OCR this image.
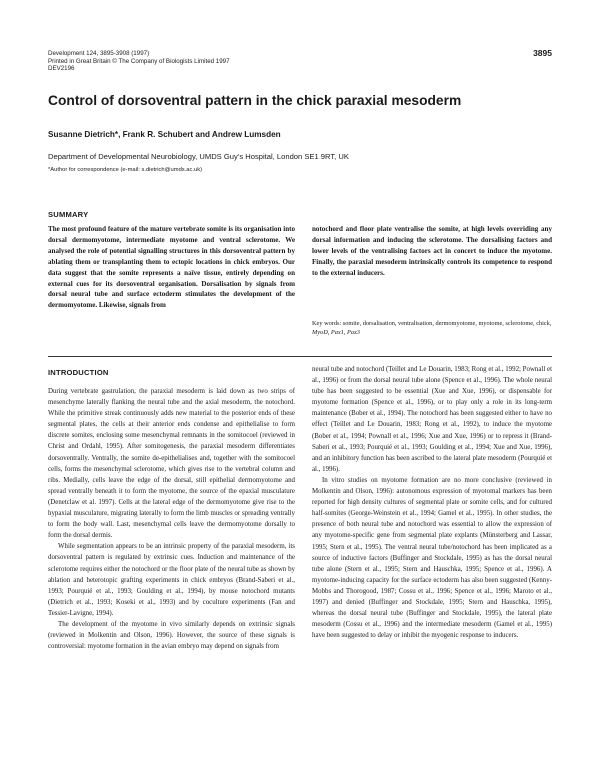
Development 124, 3895-3908 (1997)
Printed in Great Britain © The Company of Biologists Limited 1997
DEV2196
3895
Control of dorsoventral pattern in the chick paraxial mesoderm
Susanne Dietrich*, Frank R. Schubert and Andrew Lumsden
Department of Developmental Neurobiology, UMDS Guy’s Hospital, London SE1 9RT, UK
*Author for correspondence (e-mail: s.dietrich@umds.ac.uk)
SUMMARY

The most profound feature of the mature vertebrate somite is its organisation into dorsal dermomyotome, intermediate myotome and ventral sclerotome. We analysed the role of potential signalling structures in this dorsoventral pattern by ablating them or transplanting them to ectopic locations in chick embryos. Our data suggest that the somite represents a naïve tissue, entirely depending on external cues for its dorsoventral organisation. Dorsalisation by signals from dorsal neural tube and surface ectoderm stimulates the development of the dermomyotome. Likewise, signals from

notochord and floor plate ventralise the somite, at high levels overriding any dorsal information and inducing the sclerotome. The dorsalising factors and lower levels of the ventralising factors act in concert to induce the myotome. Finally, the paraxial mesoderm intrinsically controls its competence to respond to the external inducers.

Key words: somite, dorsalisation, ventralisation, dermomyotome, myotome, sclerotome, chick, MyoD, Pax1, Pax3
INTRODUCTION

During vertebrate gastrulation, the paraxial mesoderm is laid down as two strips of mesenchyme laterally flanking the neural tube and the axial mesoderm, the notochord. While the primitive streak continuously adds new material to the posterior ends of these segmental plates, the cells at their anterior ends condense and epithelialise to form discrete somites, enclosing some mesenchymal remnants in the somitocoel (reviewed in Christ and Ordahl, 1995). After somitogenesis, the paraxial mesoderm differentiates dorsoventrally. Ventrally, the somite de-epithelialises and, together with the somitocoel cells, forms the mesenchymal sclerotome, which gives rise to the vertebral column and ribs. Medially, cells leave the edge of the dorsal, still epithelial dermomyotome and spread ventrally beneath it to form the myotome, the source of the epaxial musculature (Denetclaw et al. 1997). Cells at the lateral edge of the dermomyotome give rise to the hypaxial musculature, migrating laterally to form the limb muscles or spreading ventrally to form the body wall. Last, mesenchymal cells leave the dermomyotome dorsally to form the dorsal dermis.

While segmentation appears to be an intrinsic property of the paraxial mesoderm, its dorsoventral pattern is regulated by extrinsic cues. Induction and maintenance of the sclerotome requires either the notochord or the floor plate of the neural tube as shown by ablation and heterotopic grafting experiments in chick embryos (Brand-Saberi et al., 1993; Pourquié et al., 1993; Goulding et al., 1994), by mouse notochord mutants (Dietrich et al., 1993; Koseki et al., 1993) and by coculture experiments (Fan and Tessier-Lavigne, 1994).

The development of the myotome in vivo similarly depends on extrinsic signals (reviewed in Molkentin and Olson, 1996). However, the source of these signals is controversial: myotome formation in the avian embryo may depend on signals from

neural tube and notochord (Teillet and Le Douarin, 1983; Rong et al., 1992; Pownall et al., 1996) or from the dorsal neural tube alone (Spence et al., 1996). The whole neural tube has been suggested to be essential (Xue and Xue, 1996), or dispensable for myotome formation (Spence et al., 1996), or to play only a role in its long-term maintenance (Bober et al., 1994). The notochord has been suggested either to have no effect (Teillet and Le Douarin, 1983; Rong et al., 1992), to induce the myotome (Bober et al., 1994; Pownall et al., 1996; Xue and Xue, 1996) or to repress it (Brand-Saberi et al., 1993; Pourquié et al., 1993; Goulding et al., 1994; Xue and Xue, 1996), and an inhibitory function has been ascribed to the lateral plate mesoderm (Pourquié et al., 1996).

In vitro studies on myotome formation are no more conclusive (reviewed in Molkentin and Olson, 1996): autonomous expression of myotomal markers has been reported for high density cultures of segmental plate or somite cells, and for cultured half-somites (George-Weinstein et al., 1994; Gamel et al., 1995). In other studies, the presence of both neural tube and notochord was essential to allow the expression of any myotome-specific gene from segmental plate explants (Münsterberg and Lassar, 1995; Stern et al., 1995). The ventral neural tube/notochord has been implicated as a source of inductive factors (Buffinger and Stockdale, 1995) as has the dorsal neural tube alone (Stern et al., 1995; Stern and Hauschka, 1995; Spence et al., 1996). A myotome-inducing capacity for the surface ectoderm has also been suggested (Kenny-Mobbs and Thorogood, 1987; Cossu et al., 1996; Spence et al., 1996; Maroto et al., 1997) and denied (Buffinger and Stockdale, 1995; Stern and Hauschka, 1995), whereas the dorsal neural tube (Buffinger and Stockdale, 1995), the lateral plate mesoderm (Cossu et al., 1996) and the intermediate mesoderm (Gamel et al., 1995) have been suggested to delay or inhibit the myogenic response to inducers.
